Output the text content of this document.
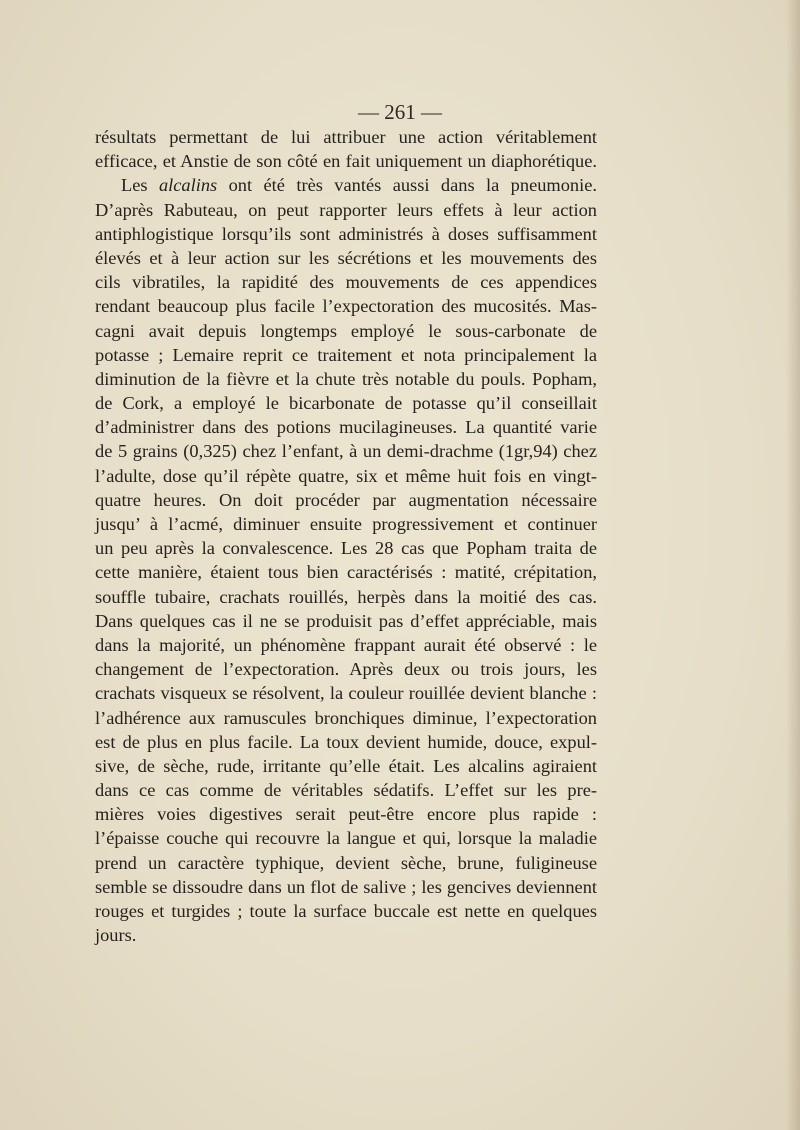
— 261 —
résultats permettant de lui attribuer une action véritablement
efficace, et Anstie de son côté en fait uniquement un diaphorétique.
Les alcalins ont été très vantés aussi dans la pneumonie.
D’après Rabuteau, on peut rapporter leurs effets à leur action
antiphlogistique lorsqu’ils sont administrés à doses suffisamment
élevés et à leur action sur les sécrétions et les mouvements des
cils vibratiles, la rapidité des mouvements de ces appendices
rendant beaucoup plus facile l’expectoration des mucosités. Mas-
cagni avait depuis longtemps employé le sous-carbonate de
potasse ; Lemaire reprit ce traitement et nota principalement la
diminution de la fièvre et la chute très notable du pouls. Popham,
de Cork, a employé le bicarbonate de potasse qu’il conseillait
d’administrer dans des potions mucilagineuses. La quantité varie
de 5 grains (0,325) chez l’enfant, à un demi-drachme (1gr,94) chez
l’adulte, dose qu’il répète quatre, six et même huit fois en vingt-
quatre heures. On doit procéder par augmentation nécessaire
jusqu’ à l’acmé, diminuer ensuite progressivement et continuer
un peu après la convalescence. Les 28 cas que Popham traita de
cette manière, étaient tous bien caractérisés : matité, crépitation,
souffle tubaire, crachats rouillés, herpès dans la moitié des cas.
Dans quelques cas il ne se produisit pas d’effet appréciable, mais
dans la majorité, un phénomène frappant aurait été observé : le
changement de l’expectoration. Après deux ou trois jours, les
crachats visqueux se résolvent, la couleur rouillée devient blanche :
l’adhérence aux ramuscules bronchiques diminue, l’expectoration
est de plus en plus facile. La toux devient humide, douce, expul-
sive, de sèche, rude, irritante qu’elle était. Les alcalins agiraient
dans ce cas comme de véritables sédatifs. L’effet sur les pre-
mières voies digestives serait peut-être encore plus rapide :
l’épaisse couche qui recouvre la langue et qui, lorsque la maladie
prend un caractère typhique, devient sèche, brune, fuligineuse
semble se dissoudre dans un flot de salive ; les gencives deviennent
rouges et turgides ; toute la surface buccale est nette en quelques
jours.
